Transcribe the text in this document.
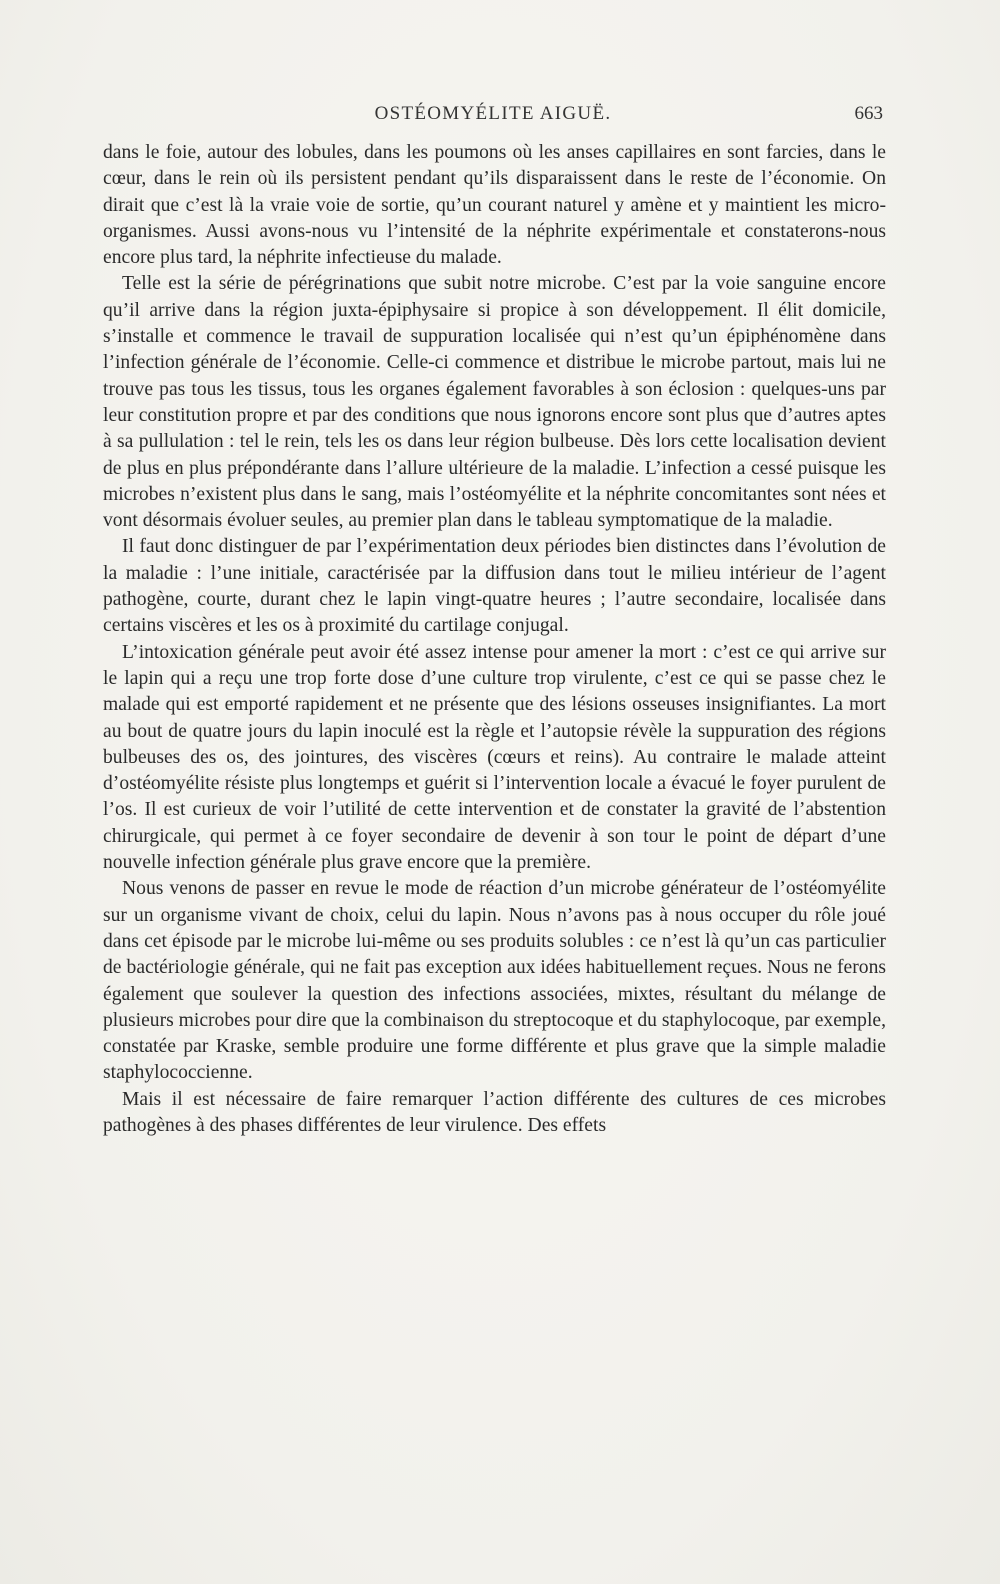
OSTÉOMYÉLITE AIGUË.	663

dans le foie, autour des lobules, dans les poumons où les anses capillaires en sont farcies, dans le cœur, dans le rein où ils persistent pendant qu’ils disparaissent dans le reste de l’économie. On dirait que c’est là la vraie voie de sortie, qu’un courant naturel y amène et y maintient les micro-organismes. Aussi avons-nous vu l’intensité de la néphrite expérimentale et constaterons-nous encore plus tard, la néphrite infectieuse du malade.

Telle est la série de pérégrinations que subit notre microbe. C’est par la voie sanguine encore qu’il arrive dans la région juxta-épiphysaire si propice à son développement. Il élit domicile, s’installe et commence le travail de suppuration localisée qui n’est qu’un épiphénomène dans l’infection générale de l’économie. Celle-ci commence et distribue le microbe partout, mais lui ne trouve pas tous les tissus, tous les organes également favorables à son éclosion : quelques-uns par leur constitution propre et par des conditions que nous ignorons encore sont plus que d’autres aptes à sa pullulation : tel le rein, tels les os dans leur région bulbeuse. Dès lors cette localisation devient de plus en plus prépondérante dans l’allure ultérieure de la maladie. L’infection a cessé puisque les microbes n’existent plus dans le sang, mais l’ostéomyélite et la néphrite concomitantes sont nées et vont désormais évoluer seules, au premier plan dans le tableau symptomatique de la maladie.

Il faut donc distinguer de par l’expérimentation deux périodes bien distinctes dans l’évolution de la maladie : l’une initiale, caractérisée par la diffusion dans tout le milieu intérieur de l’agent pathogène, courte, durant chez le lapin vingt-quatre heures ; l’autre secondaire, localisée dans certains viscères et les os à proximité du cartilage conjugal.

L’intoxication générale peut avoir été assez intense pour amener la mort : c’est ce qui arrive sur le lapin qui a reçu une trop forte dose d’une culture trop virulente, c’est ce qui se passe chez le malade qui est emporté rapidement et ne présente que des lésions osseuses insignifiantes. La mort au bout de quatre jours du lapin inoculé est la règle et l’autopsie révèle la suppuration des régions bulbeuses des os, des jointures, des viscères (cœurs et reins). Au contraire le malade atteint d’ostéomyélite résiste plus longtemps et guérit si l’intervention locale a évacué le foyer purulent de l’os. Il est curieux de voir l’utilité de cette intervention et de constater la gravité de l’abstention chirurgicale, qui permet à ce foyer secondaire de devenir à son tour le point de départ d’une nouvelle infection générale plus grave encore que la première.

Nous venons de passer en revue le mode de réaction d’un microbe générateur de l’ostéomyélite sur un organisme vivant de choix, celui du lapin. Nous n’avons pas à nous occuper du rôle joué dans cet épisode par le microbe lui-même ou ses produits solubles : ce n’est là qu’un cas particulier de bactériologie générale, qui ne fait pas exception aux idées habituellement reçues. Nous ne ferons également que soulever la question des infections associées, mixtes, résultant du mélange de plusieurs microbes pour dire que la combinaison du streptocoque et du staphylocoque, par exemple, constatée par Kraske, semble produire une forme différente et plus grave que la simple maladie staphylococcienne.

Mais il est nécessaire de faire remarquer l’action différente des cultures de ces microbes pathogènes à des phases différentes de leur virulence. Des effets
